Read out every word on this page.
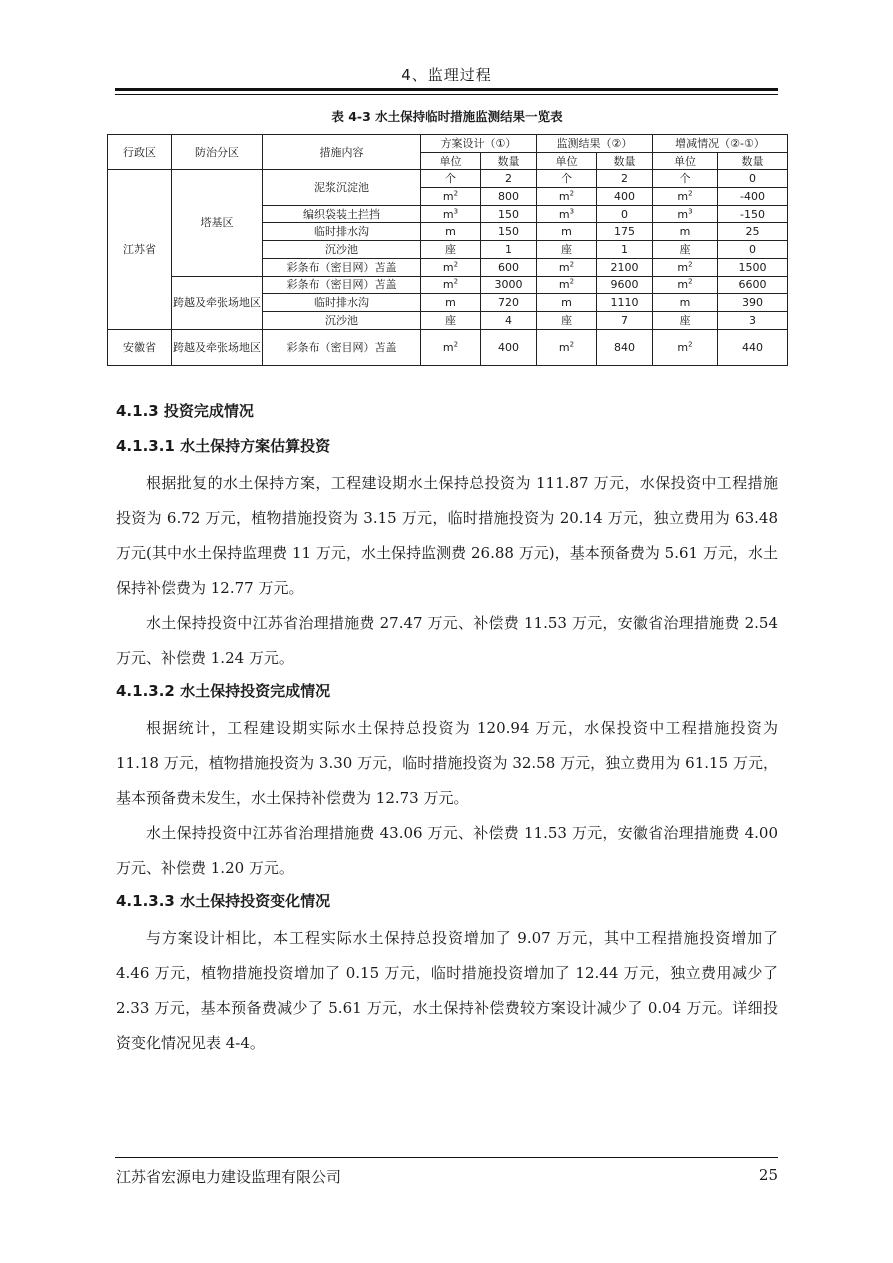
4、监理过程
表 4-3 水土保持临时措施监测结果一览表
行政区	防治分区	措施内容	方案设计（①）		监测结果（②）		增减情况（②-①）	
			单位	数量	单位	数量	单位	数量
江苏省	塔基区	泥浆沉淀池	个	2	个	2	个	0
			$m^2$	800	$m^2$	400	$m^2$	-400
		编织袋装土拦挡	$m^3$	150	$m^3$	0	$m^3$	-150
		临时排水沟	m	150	m	175	m	25
		沉沙池	座	1	座	1	座	0
		彩条布（密目网）苫盖	$m^2$	600	$m^2$	2100	$m^2$	1500
	跨越及牵张场地区	彩条布（密目网）苫盖	$m^2$	3000	$m^2$	9600	$m^2$	6600
		临时排水沟	m	720	m	1110	m	390
		沉沙池	座	4	座	7	座	3
安徽省	跨越及牵张场地区	彩条布（密目网）苫盖	$m^2$	400	$m^2$	840	$m^2$	440
4.1.3 投资完成情况
4.1.3.1 水土保持方案估算投资

根据批复的水土保持方案，工程建设期水土保持总投资为 111.87 万元，水保投资中工程措施投资为 6.72 万元，植物措施投资为 3.15 万元，临时措施投资为 20.14 万元，独立费用为 63.48 万元(其中水土保持监理费 11 万元，水土保持监测费 26.88 万元)，基本预备费为 5.61 万元，水土保持补偿费为 12.77 万元。

水土保持投资中江苏省治理措施费 27.47 万元、补偿费 11.53 万元，安徽省治理措施费 2.54 万元、补偿费 1.24 万元。

4.1.3.2 水土保持投资完成情况

根据统计，工程建设期实际水土保持总投资为 120.94 万元，水保投资中工程措施投资为 11.18 万元，植物措施投资为 3.30 万元，临时措施投资为 32.58 万元，独立费用为 61.15 万元，基本预备费未发生，水土保持补偿费为 12.73 万元。

水土保持投资中江苏省治理措施费 43.06 万元、补偿费 11.53 万元，安徽省治理措施费 4.00 万元、补偿费 1.20 万元。

4.1.3.3 水土保持投资变化情况

与方案设计相比，本工程实际水土保持总投资增加了 9.07 万元，其中工程措施投资增加了 4.46 万元，植物措施投资增加了 0.15 万元，临时措施投资增加了 12.44 万元，独立费用减少了 2.33 万元，基本预备费减少了 5.61 万元，水土保持补偿费较方案设计减少了 0.04 万元。详细投资变化情况见表 4-4。

江苏省宏源电力建设监理有限公司	25
